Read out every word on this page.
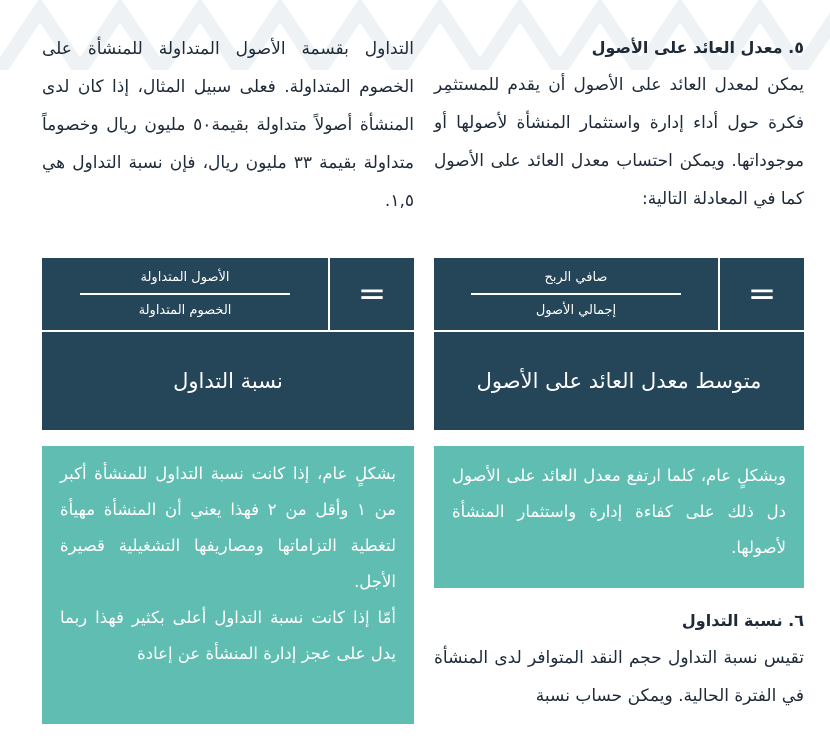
٥. معدل العائد على الأصول

يمكن لمعدل العائد على الأصول أن يقدم للمستثمِر فكرة حول أداء إدارة واستثمار المنشأة لأصولها أو موجوداتها. ويمكن احتساب معدل العائد على الأصول كما في المعادلة التالية:

التداول بقسمة الأصول المتداولة للمنشأة على الخصوم المتداولة. فعلى سبيل المثال، إذا كان لدى المنشأة أصولاً متداولة بقيمة٥٠ مليون ريال وخصوماً متداولة بقيمة ٣٣ مليون ريال، فإن نسبة التداول هي ١,٥.

$\frac{\text{صافي الربح}}{\text{إجمالي الأصول}}$ =
متوسط معدل العائد على الأصول
$\frac{\text{الأصول المتداولة}}{\text{الخصوم المتداولة}}$ =
نسبة التداول

وبشكلٍ عام، كلما ارتفع معدل العائد على الأصول دل ذلك على كفاءة إدارة واستثمار المنشأة لأصولها.

بشكلٍ عام، إذا كانت نسبة التداول للمنشأة أكبر من ١ وأقل من ٢ فهذا يعني أن المنشأة مهيأة لتغطية التزاماتها ومصاريفها التشغيلية قصيرة الأجل.

أمّا إذا كانت نسبة التداول أعلى بكثير فهذا ربما يدل على عجز إدارة المنشأة عن إعادة

٦. نسبة التداول

تقيس نسبة التداول حجم النقد المتوافر لدى المنشأة في الفترة الحالية. ويمكن حساب نسبة
